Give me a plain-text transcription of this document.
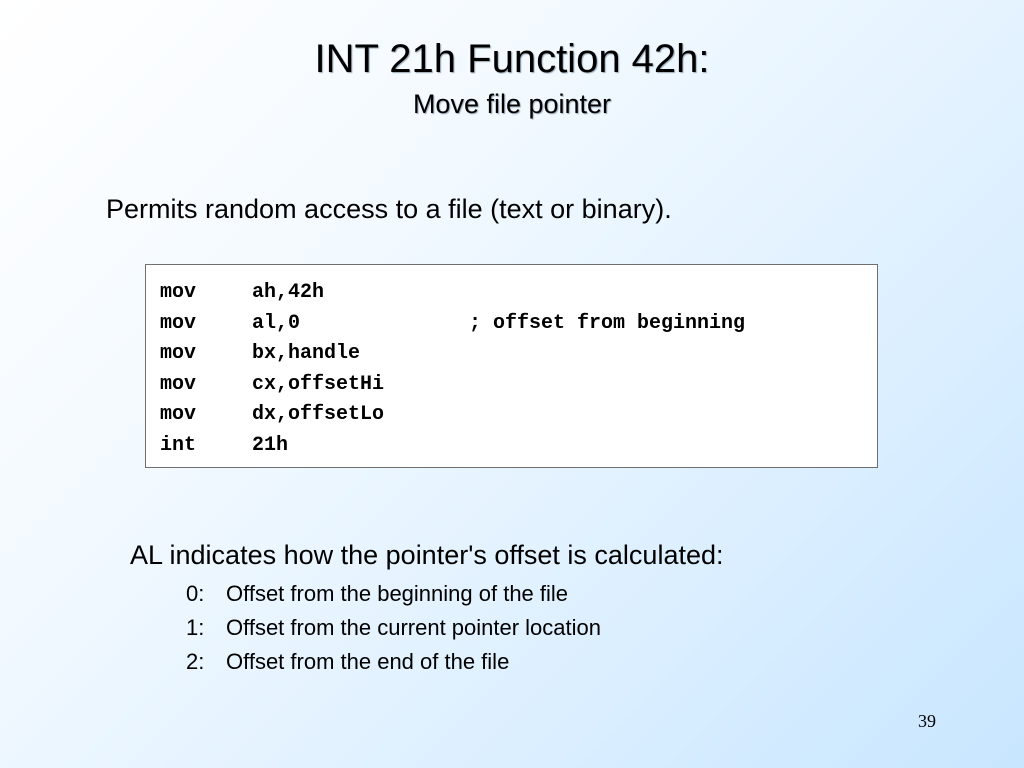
INT 21h Function 42h:
Move file pointer
Permits random access to a file (text or binary).
mov	ah,42h
mov	al,0	; offset from beginning
mov	bx,handle
mov	cx,offsetHi
mov	dx,offsetLo
int	21h
AL indicates how the pointer's offset is calculated:
0: Offset from the beginning of the file
1: Offset from the current pointer location
2: Offset from the end of the file
39
